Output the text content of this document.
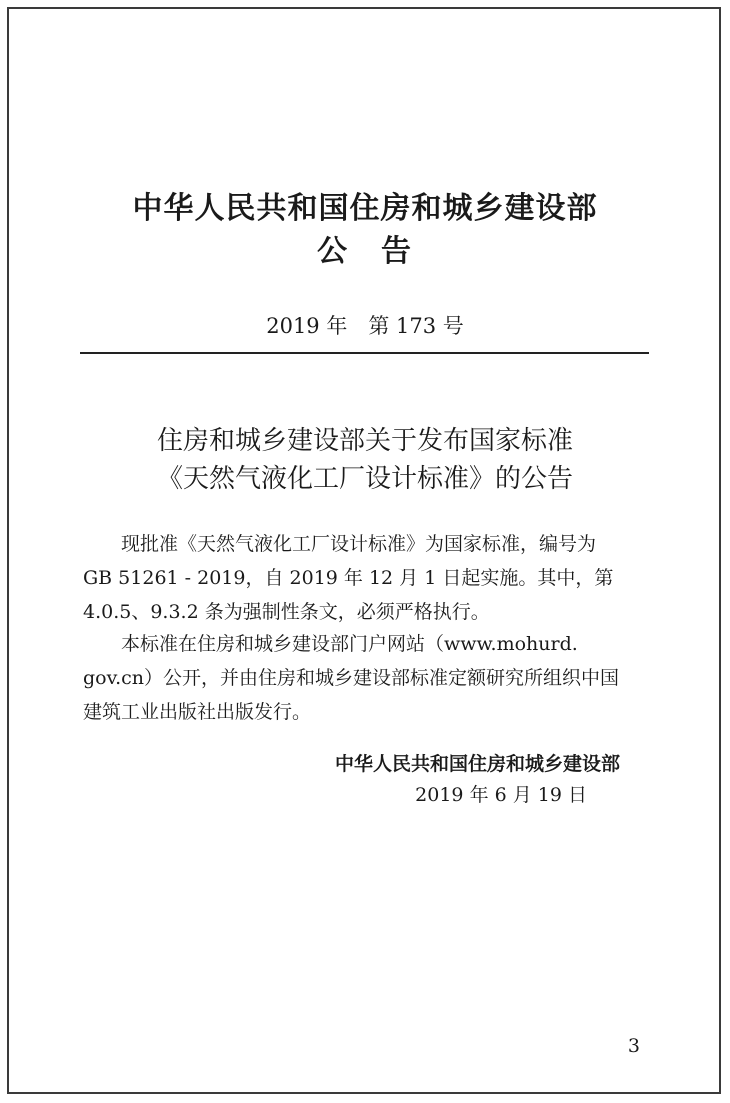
中华人民共和国住房和城乡建设部
公　告
2019 年　第 173 号
住房和城乡建设部关于发布国家标准
《天然气液化工厂设计标准》的公告
　　现批准《天然气液化工厂设计标准》为国家标准，编号为
GB 51261 - 2019，自 2019 年 12 月 1 日起实施。其中，第
4.0.5、9.3.2 条为强制性条文，必须严格执行。
　　本标准在住房和城乡建设部门户网站（www.mohurd.
gov.cn）公开，并由住房和城乡建设部标准定额研究所组织中国
建筑工业出版社出版发行。
中华人民共和国住房和城乡建设部
2019 年 6 月 19 日
3
